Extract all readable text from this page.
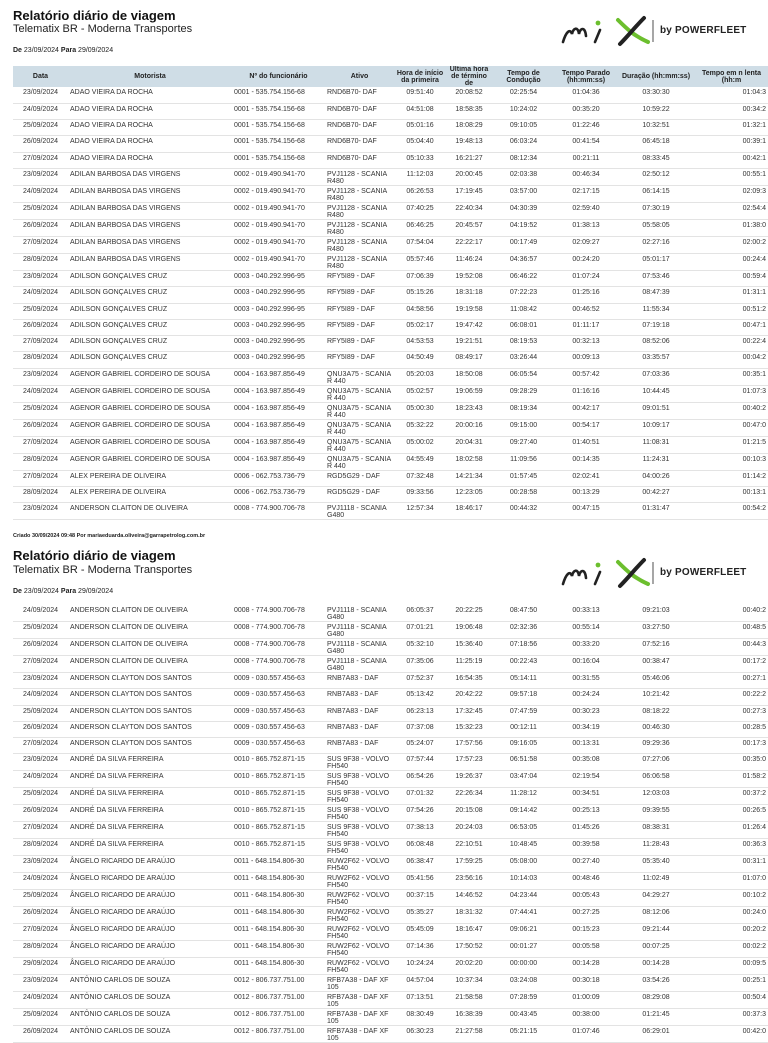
Relatório diário de viagem
Telematix BR - Moderna Transportes
De 23/09/2024 Para 29/09/2024
by POWERFLEET
Data	Motorista	Nº do funcionário	Ativo	Hora de início da primeira	Última hora de término de	Tempo de Condução	Tempo Parado (hh:mm:ss)	Duração (hh:mm:ss)	Tempo em n lenta (hh:m
23/09/2024	ADAO VIEIRA DA ROCHA	0001 - 535.754.156-68	RND6B70- DAF	09:51:40	20:08:52	02:25:54	01:04:36	03:30:30	01:04:3
24/09/2024	ADAO VIEIRA DA ROCHA	0001 - 535.754.156-68	RND6B70- DAF	04:51:08	18:58:35	10:24:02	00:35:20	10:59:22	00:34:2
25/09/2024	ADAO VIEIRA DA ROCHA	0001 - 535.754.156-68	RND6B70- DAF	05:01:16	18:08:29	09:10:05	01:22:46	10:32:51	01:32:1
26/09/2024	ADAO VIEIRA DA ROCHA	0001 - 535.754.156-68	RND6B70- DAF	05:04:40	19:48:13	06:03:24	00:41:54	06:45:18	00:39:1
27/09/2024	ADAO VIEIRA DA ROCHA	0001 - 535.754.156-68	RND6B70- DAF	05:10:33	16:21:27	08:12:34	00:21:11	08:33:45	00:42:1
23/09/2024	ADILAN BARBOSA DAS VIRGENS	0002 - 019.490.941-70	PVJ1128 - SCANIA R480	11:12:03	20:00:45	02:03:38	00:46:34	02:50:12	00:55:1
24/09/2024	ADILAN BARBOSA DAS VIRGENS	0002 - 019.490.941-70	PVJ1128 - SCANIA R480	06:26:53	17:19:45	03:57:00	02:17:15	06:14:15	02:09:3
25/09/2024	ADILAN BARBOSA DAS VIRGENS	0002 - 019.490.941-70	PVJ1128 - SCANIA R480	07:40:25	22:40:34	04:30:39	02:59:40	07:30:19	02:54:4
26/09/2024	ADILAN BARBOSA DAS VIRGENS	0002 - 019.490.941-70	PVJ1128 - SCANIA R480	06:46:25	20:45:57	04:19:52	01:38:13	05:58:05	01:38:0
27/09/2024	ADILAN BARBOSA DAS VIRGENS	0002 - 019.490.941-70	PVJ1128 - SCANIA R480	07:54:04	22:22:17	00:17:49	02:09:27	02:27:16	02:00:2
28/09/2024	ADILAN BARBOSA DAS VIRGENS	0002 - 019.490.941-70	PVJ1128 - SCANIA R480	05:57:46	11:46:24	04:36:57	00:24:20	05:01:17	00:24:4
23/09/2024	ADILSON GONÇALVES CRUZ	0003 - 040.292.996-95	RFY5I89 - DAF	07:06:39	19:52:08	06:46:22	01:07:24	07:53:46	00:59:4
24/09/2024	ADILSON GONÇALVES CRUZ	0003 - 040.292.996-95	RFY5I89 - DAF	05:15:26	18:31:18	07:22:23	01:25:16	08:47:39	01:31:1
25/09/2024	ADILSON GONÇALVES CRUZ	0003 - 040.292.996-95	RFY5I89 - DAF	04:58:56	19:19:58	11:08:42	00:46:52	11:55:34	00:51:2
26/09/2024	ADILSON GONÇALVES CRUZ	0003 - 040.292.996-95	RFY5I89 - DAF	05:02:17	19:47:42	06:08:01	01:11:17	07:19:18	00:47:1
27/09/2024	ADILSON GONÇALVES CRUZ	0003 - 040.292.996-95	RFY5I89 - DAF	04:53:53	19:21:51	08:19:53	00:32:13	08:52:06	00:22:4
28/09/2024	ADILSON GONÇALVES CRUZ	0003 - 040.292.996-95	RFY5I89 - DAF	04:50:49	08:49:17	03:26:44	00:09:13	03:35:57	00:04:2
23/09/2024	AGENOR GABRIEL CORDEIRO DE SOUSA	0004 - 163.987.856-49	QNU3A75 - SCANIA R 440	05:20:03	18:50:08	06:05:54	00:57:42	07:03:36	00:35:1
24/09/2024	AGENOR GABRIEL CORDEIRO DE SOUSA	0004 - 163.987.856-49	QNU3A75 - SCANIA R 440	05:02:57	19:06:59	09:28:29	01:16:16	10:44:45	01:07:3
25/09/2024	AGENOR GABRIEL CORDEIRO DE SOUSA	0004 - 163.987.856-49	QNU3A75 - SCANIA R 440	05:00:30	18:23:43	08:19:34	00:42:17	09:01:51	00:40:2
26/09/2024	AGENOR GABRIEL CORDEIRO DE SOUSA	0004 - 163.987.856-49	QNU3A75 - SCANIA R 440	05:32:22	20:00:16	09:15:00	00:54:17	10:09:17	00:47:0
27/09/2024	AGENOR GABRIEL CORDEIRO DE SOUSA	0004 - 163.987.856-49	QNU3A75 - SCANIA R 440	05:00:02	20:04:31	09:27:40	01:40:51	11:08:31	01:21:5
28/09/2024	AGENOR GABRIEL CORDEIRO DE SOUSA	0004 - 163.987.856-49	QNU3A75 - SCANIA R 440	04:55:49	18:02:58	11:09:56	00:14:35	11:24:31	00:10:3
27/09/2024	ALEX PEREIRA DE OLIVEIRA	0006 - 062.753.736-79	RGD5G29 - DAF	07:32:48	14:21:34	01:57:45	02:02:41	04:00:26	01:14:2
28/09/2024	ALEX PEREIRA DE OLIVEIRA	0006 - 062.753.736-79	RGD5G29 - DAF	09:33:56	12:23:05	00:28:58	00:13:29	00:42:27	00:13:1
23/09/2024	ANDERSON CLAITON DE OLIVEIRA	0008 - 774.900.706-78	PVJ1118 - SCANIA G480	12:57:34	18:46:17	00:44:32	00:47:15	01:31:47	00:54:2
Criado 30/09/2024 09:48 Por mariaeduarda.oliveira@garrapetrolog.com.br
Relatório diário de viagem
Telematix BR - Moderna Transportes
De 23/09/2024 Para 29/09/2024
by POWERFLEET
24/09/2024	ANDERSON CLAITON DE OLIVEIRA	0008 - 774.900.706-78	PVJ1118 - SCANIA G480	06:05:37	20:22:25	08:47:50	00:33:13	09:21:03	00:40:2
25/09/2024	ANDERSON CLAITON DE OLIVEIRA	0008 - 774.900.706-78	PVJ1118 - SCANIA G480	07:01:21	19:06:48	02:32:36	00:55:14	03:27:50	00:48:5
26/09/2024	ANDERSON CLAITON DE OLIVEIRA	0008 - 774.900.706-78	PVJ1118 - SCANIA G480	05:32:10	15:36:40	07:18:56	00:33:20	07:52:16	00:44:3
27/09/2024	ANDERSON CLAITON DE OLIVEIRA	0008 - 774.900.706-78	PVJ1118 - SCANIA G480	07:35:06	11:25:19	00:22:43	00:16:04	00:38:47	00:17:2
23/09/2024	ANDERSON CLAYTON DOS SANTOS	0009 - 030.557.456-63	RNB7A83 - DAF	07:52:37	16:54:35	05:14:11	00:31:55	05:46:06	00:27:1
24/09/2024	ANDERSON CLAYTON DOS SANTOS	0009 - 030.557.456-63	RNB7A83 - DAF	05:13:42	20:42:22	09:57:18	00:24:24	10:21:42	00:22:2
25/09/2024	ANDERSON CLAYTON DOS SANTOS	0009 - 030.557.456-63	RNB7A83 - DAF	06:23:13	17:32:45	07:47:59	00:30:23	08:18:22	00:27:3
26/09/2024	ANDERSON CLAYTON DOS SANTOS	0009 - 030.557.456-63	RNB7A83 - DAF	07:37:08	15:32:23	00:12:11	00:34:19	00:46:30	00:28:5
27/09/2024	ANDERSON CLAYTON DOS SANTOS	0009 - 030.557.456-63	RNB7A83 - DAF	05:24:07	17:57:56	09:16:05	00:13:31	09:29:36	00:17:3
23/09/2024	ANDRÉ DA SILVA FERREIRA	0010 - 865.752.871-15	SUS 9F38 - VOLVO FH540	07:57:44	17:57:23	06:51:58	00:35:08	07:27:06	00:35:0
24/09/2024	ANDRÉ DA SILVA FERREIRA	0010 - 865.752.871-15	SUS 9F38 - VOLVO FH540	06:54:26	19:26:37	03:47:04	02:19:54	06:06:58	01:58:2
25/09/2024	ANDRÉ DA SILVA FERREIRA	0010 - 865.752.871-15	SUS 9F38 - VOLVO FH540	07:01:32	22:26:34	11:28:12	00:34:51	12:03:03	00:37:2
26/09/2024	ANDRÉ DA SILVA FERREIRA	0010 - 865.752.871-15	SUS 9F38 - VOLVO FH540	07:54:26	20:15:08	09:14:42	00:25:13	09:39:55	00:26:5
27/09/2024	ANDRÉ DA SILVA FERREIRA	0010 - 865.752.871-15	SUS 9F38 - VOLVO FH540	07:38:13	20:24:03	06:53:05	01:45:26	08:38:31	01:26:4
28/09/2024	ANDRÉ DA SILVA FERREIRA	0010 - 865.752.871-15	SUS 9F38 - VOLVO FH540	06:08:48	22:10:51	10:48:45	00:39:58	11:28:43	00:36:3
23/09/2024	ÂNGELO RICARDO DE ARAÚJO	0011 - 648.154.806-30	RUW2F62 - VOLVO FH540	06:38:47	17:59:25	05:08:00	00:27:40	05:35:40	00:31:1
24/09/2024	ÂNGELO RICARDO DE ARAÚJO	0011 - 648.154.806-30	RUW2F62 - VOLVO FH540	05:41:56	23:56:16	10:14:03	00:48:46	11:02:49	01:07:0
25/09/2024	ÂNGELO RICARDO DE ARAÚJO	0011 - 648.154.806-30	RUW2F62 - VOLVO FH540	00:37:15	14:46:52	04:23:44	00:05:43	04:29:27	00:10:2
26/09/2024	ÂNGELO RICARDO DE ARAÚJO	0011 - 648.154.806-30	RUW2F62 - VOLVO FH540	05:35:27	18:31:32	07:44:41	00:27:25	08:12:06	00:24:0
27/09/2024	ÂNGELO RICARDO DE ARAÚJO	0011 - 648.154.806-30	RUW2F62 - VOLVO FH540	05:45:09	18:16:47	09:06:21	00:15:23	09:21:44	00:20:2
28/09/2024	ÂNGELO RICARDO DE ARAÚJO	0011 - 648.154.806-30	RUW2F62 - VOLVO FH540	07:14:36	17:50:52	00:01:27	00:05:58	00:07:25	00:02:2
29/09/2024	ÂNGELO RICARDO DE ARAÚJO	0011 - 648.154.806-30	RUW2F62 - VOLVO FH540	10:24:24	20:02:20	00:00:00	00:14:28	00:14:28	00:09:5
23/09/2024	ANTÔNIO CARLOS DE SOUZA	0012 - 806.737.751.00	RFB7A38 - DAF XF 105	04:57:04	10:37:34	03:24:08	00:30:18	03:54:26	00:25:1
24/09/2024	ANTÔNIO CARLOS DE SOUZA	0012 - 806.737.751.00	RFB7A38 - DAF XF 105	07:13:51	21:58:58	07:28:59	01:00:09	08:29:08	00:50:4
25/09/2024	ANTÔNIO CARLOS DE SOUZA	0012 - 806.737.751.00	RFB7A38 - DAF XF 105	08:30:49	16:38:39	00:43:45	00:38:00	01:21:45	00:37:3
26/09/2024	ANTÔNIO CARLOS DE SOUZA	0012 - 806.737.751.00	RFB7A38 - DAF XF 105	06:30:23	21:27:58	05:21:15	01:07:46	06:29:01	00:42:0
